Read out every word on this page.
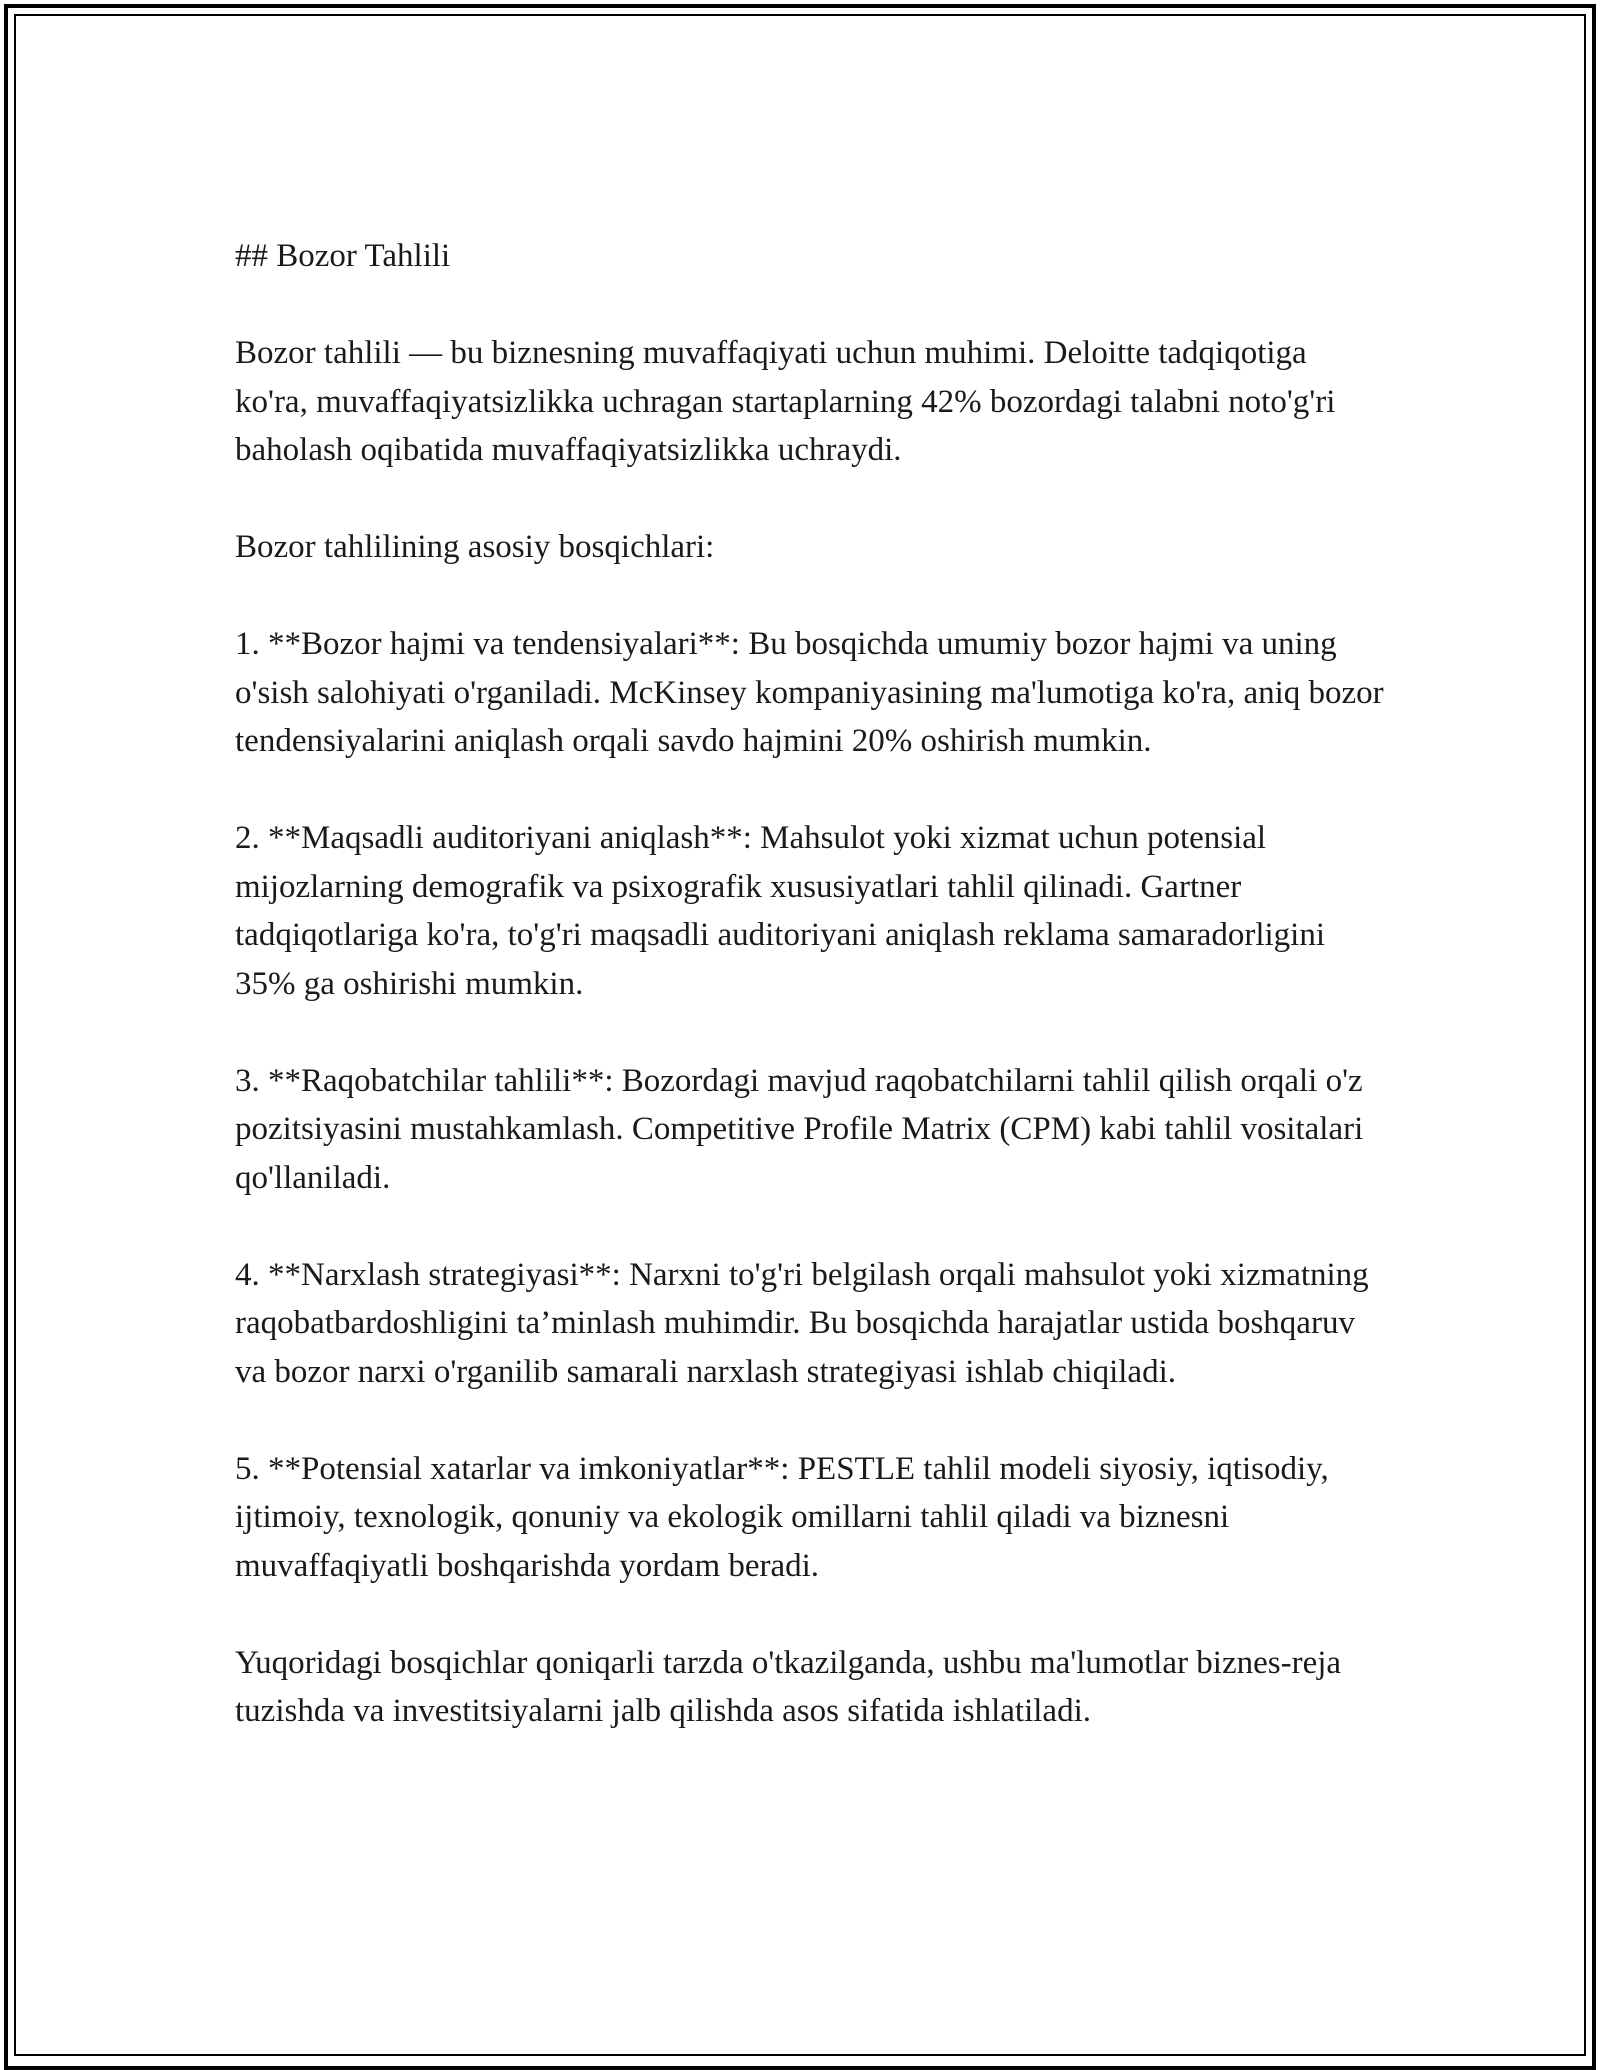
## Bozor Tahlili

Bozor tahlili — bu biznesning muvaffaqiyati uchun muhimi. Deloitte tadqiqotiga ko'ra, muvaffaqiyatsizlikka uchragan startaplarning 42% bozordagi talabni noto'g'ri baholash oqibatida muvaffaqiyatsizlikka uchraydi.

Bozor tahlilining asosiy bosqichlari:

1. **Bozor hajmi va tendensiyalari**: Bu bosqichda umumiy bozor hajmi va uning o'sish salohiyati o'rganiladi. McKinsey kompaniyasining ma'lumotiga ko'ra, aniq bozor tendensiyalarini aniqlash orqali savdo hajmini 20% oshirish mumkin.

2. **Maqsadli auditoriyani aniqlash**: Mahsulot yoki xizmat uchun potensial mijozlarning demografik va psixografik xususiyatlari tahlil qilinadi. Gartner tadqiqotlariga ko'ra, to'g'ri maqsadli auditoriyani aniqlash reklama samaradorligini 35% ga oshirishi mumkin.

3. **Raqobatchilar tahlili**: Bozordagi mavjud raqobatchilarni tahlil qilish orqali o'z pozitsiyasini mustahkamlash. Competitive Profile Matrix (CPM) kabi tahlil vositalari qo'llaniladi.

4. **Narxlash strategiyasi**: Narxni to'g'ri belgilash orqali mahsulot yoki xizmatning raqobatbardoshligini ta’minlash muhimdir. Bu bosqichda harajatlar ustida boshqaruv va bozor narxi o'rganilib samarali narxlash strategiyasi ishlab chiqiladi.

5. **Potensial xatarlar va imkoniyatlar**: PESTLE tahlil modeli siyosiy, iqtisodiy, ijtimoiy, texnologik, qonuniy va ekologik omillarni tahlil qiladi va biznesni muvaffaqiyatli boshqarishda yordam beradi.

Yuqoridagi bosqichlar qoniqarli tarzda o'tkazilganda, ushbu ma'lumotlar biznes-reja tuzishda va investitsiyalarni jalb qilishda asos sifatida ishlatiladi.
